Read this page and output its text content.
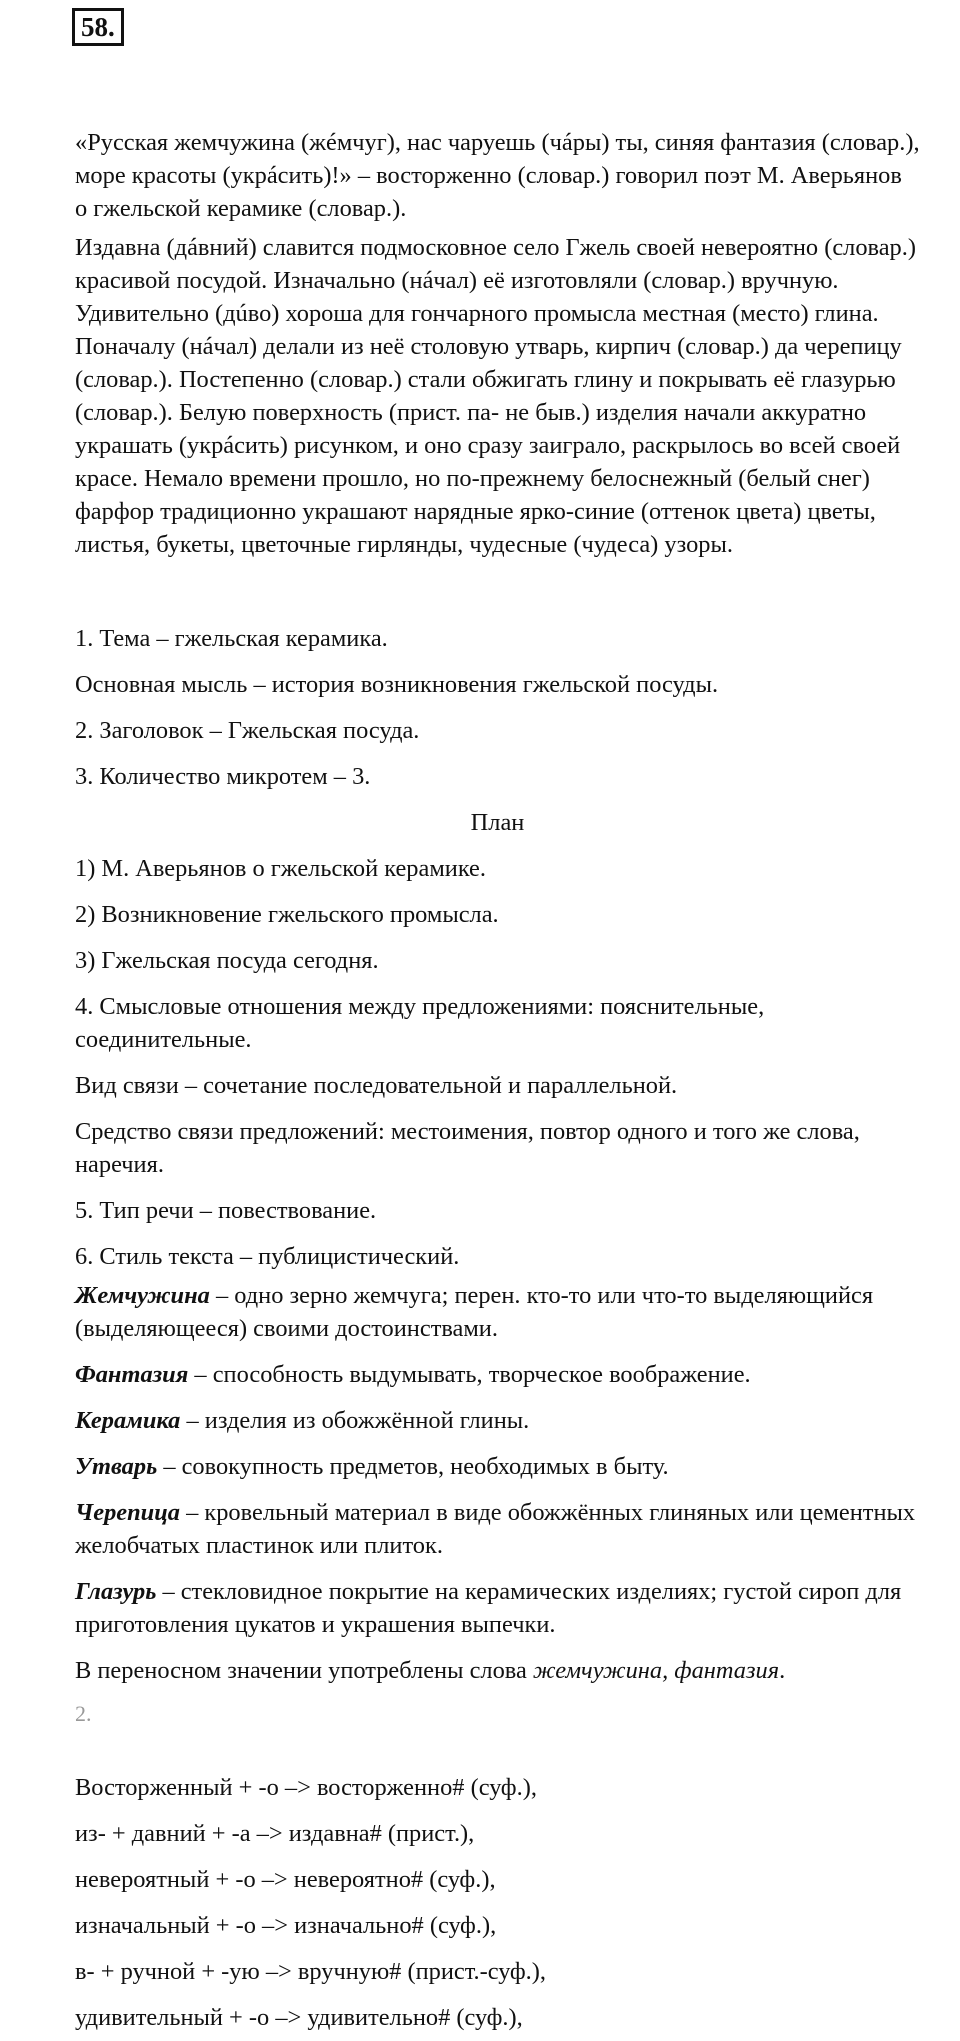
58.

«Русская жемчужина (жéмчуг), нас чаруешь (чáры) ты, синяя фантазия (словар.), море красоты (укрáсить)!» – восторженно (словар.) говорил поэт М. Аверьянов о гжельской керамике (словар.).

Издавна (дáвний) славится подмосковное село Гжель своей невероятно (словар.) красивой посудой. Изначально (нáчал) её изготовляли (словар.) вручную. Удивительно (дúво) хороша для гончарного промысла местная (место) глина. Поначалу (нáчал) делали из неё столовую утварь, кирпич (словар.) да черепицу (словар.). Постепенно (словар.) стали обжигать глину и покрывать её глазурью (словар.). Белую поверхность (прист. па- не быв.) изделия начали аккуратно украшать (укрáсить) рисунком, и оно сразу заиграло, раскрылось во всей своей красе. Немало времени прошло, но по-прежнему белоснежный (белый снег) фарфор традиционно украшают нарядные ярко-синие (оттенок цвета) цветы, листья, букеты, цветочные гирлянды, чудесные (чудеса) узоры.

1. Тема – гжельская керамика.

Основная мысль – история возникновения гжельской посуды.

2. Заголовок – Гжельская посуда.

3. Количество микротем – 3.

План

1) М. Аверьянов о гжельской керамике.

2) Возникновение гжельского промысла.

3) Гжельская посуда сегодня.

4. Смысловые отношения между предложениями: пояснительные, соединительные.

Вид связи – сочетание последовательной и параллельной.

Средство связи предложений: местоимения, повтор одного и того же слова, наречия.

5. Тип речи – повествование.

6. Стиль текста – публицистический.

Жемчужина – одно зерно жемчуга; перен. кто-то или что-то выделяющийся (выделяющееся) своими достоинствами.

Фантазия – способность выдумывать, творческое воображение.

Керамика – изделия из обожжённой глины.

Утварь – совокупность предметов, необходимых в быту.

Черепица – кровельный материал в виде обожжённых глиняных или цементных желобчатых пластинок или плиток.

Глазурь – стекловидное покрытие на керамических изделиях; густой сироп для приготовления цукатов и украшения выпечки.

В переносном значении употреблены слова жемчужина, фантазия.

2.

Восторженный + -о –> восторженно# (суф.),

из- + давний + -а –> издавна# (прист.),

невероятный + -о –> невероятно# (суф.),

изначальный + -о –> изначально# (суф.),

в- + ручной + -ую –> вручную# (прист.-суф.),

удивительный + -о –> удивительно# (суф.),
